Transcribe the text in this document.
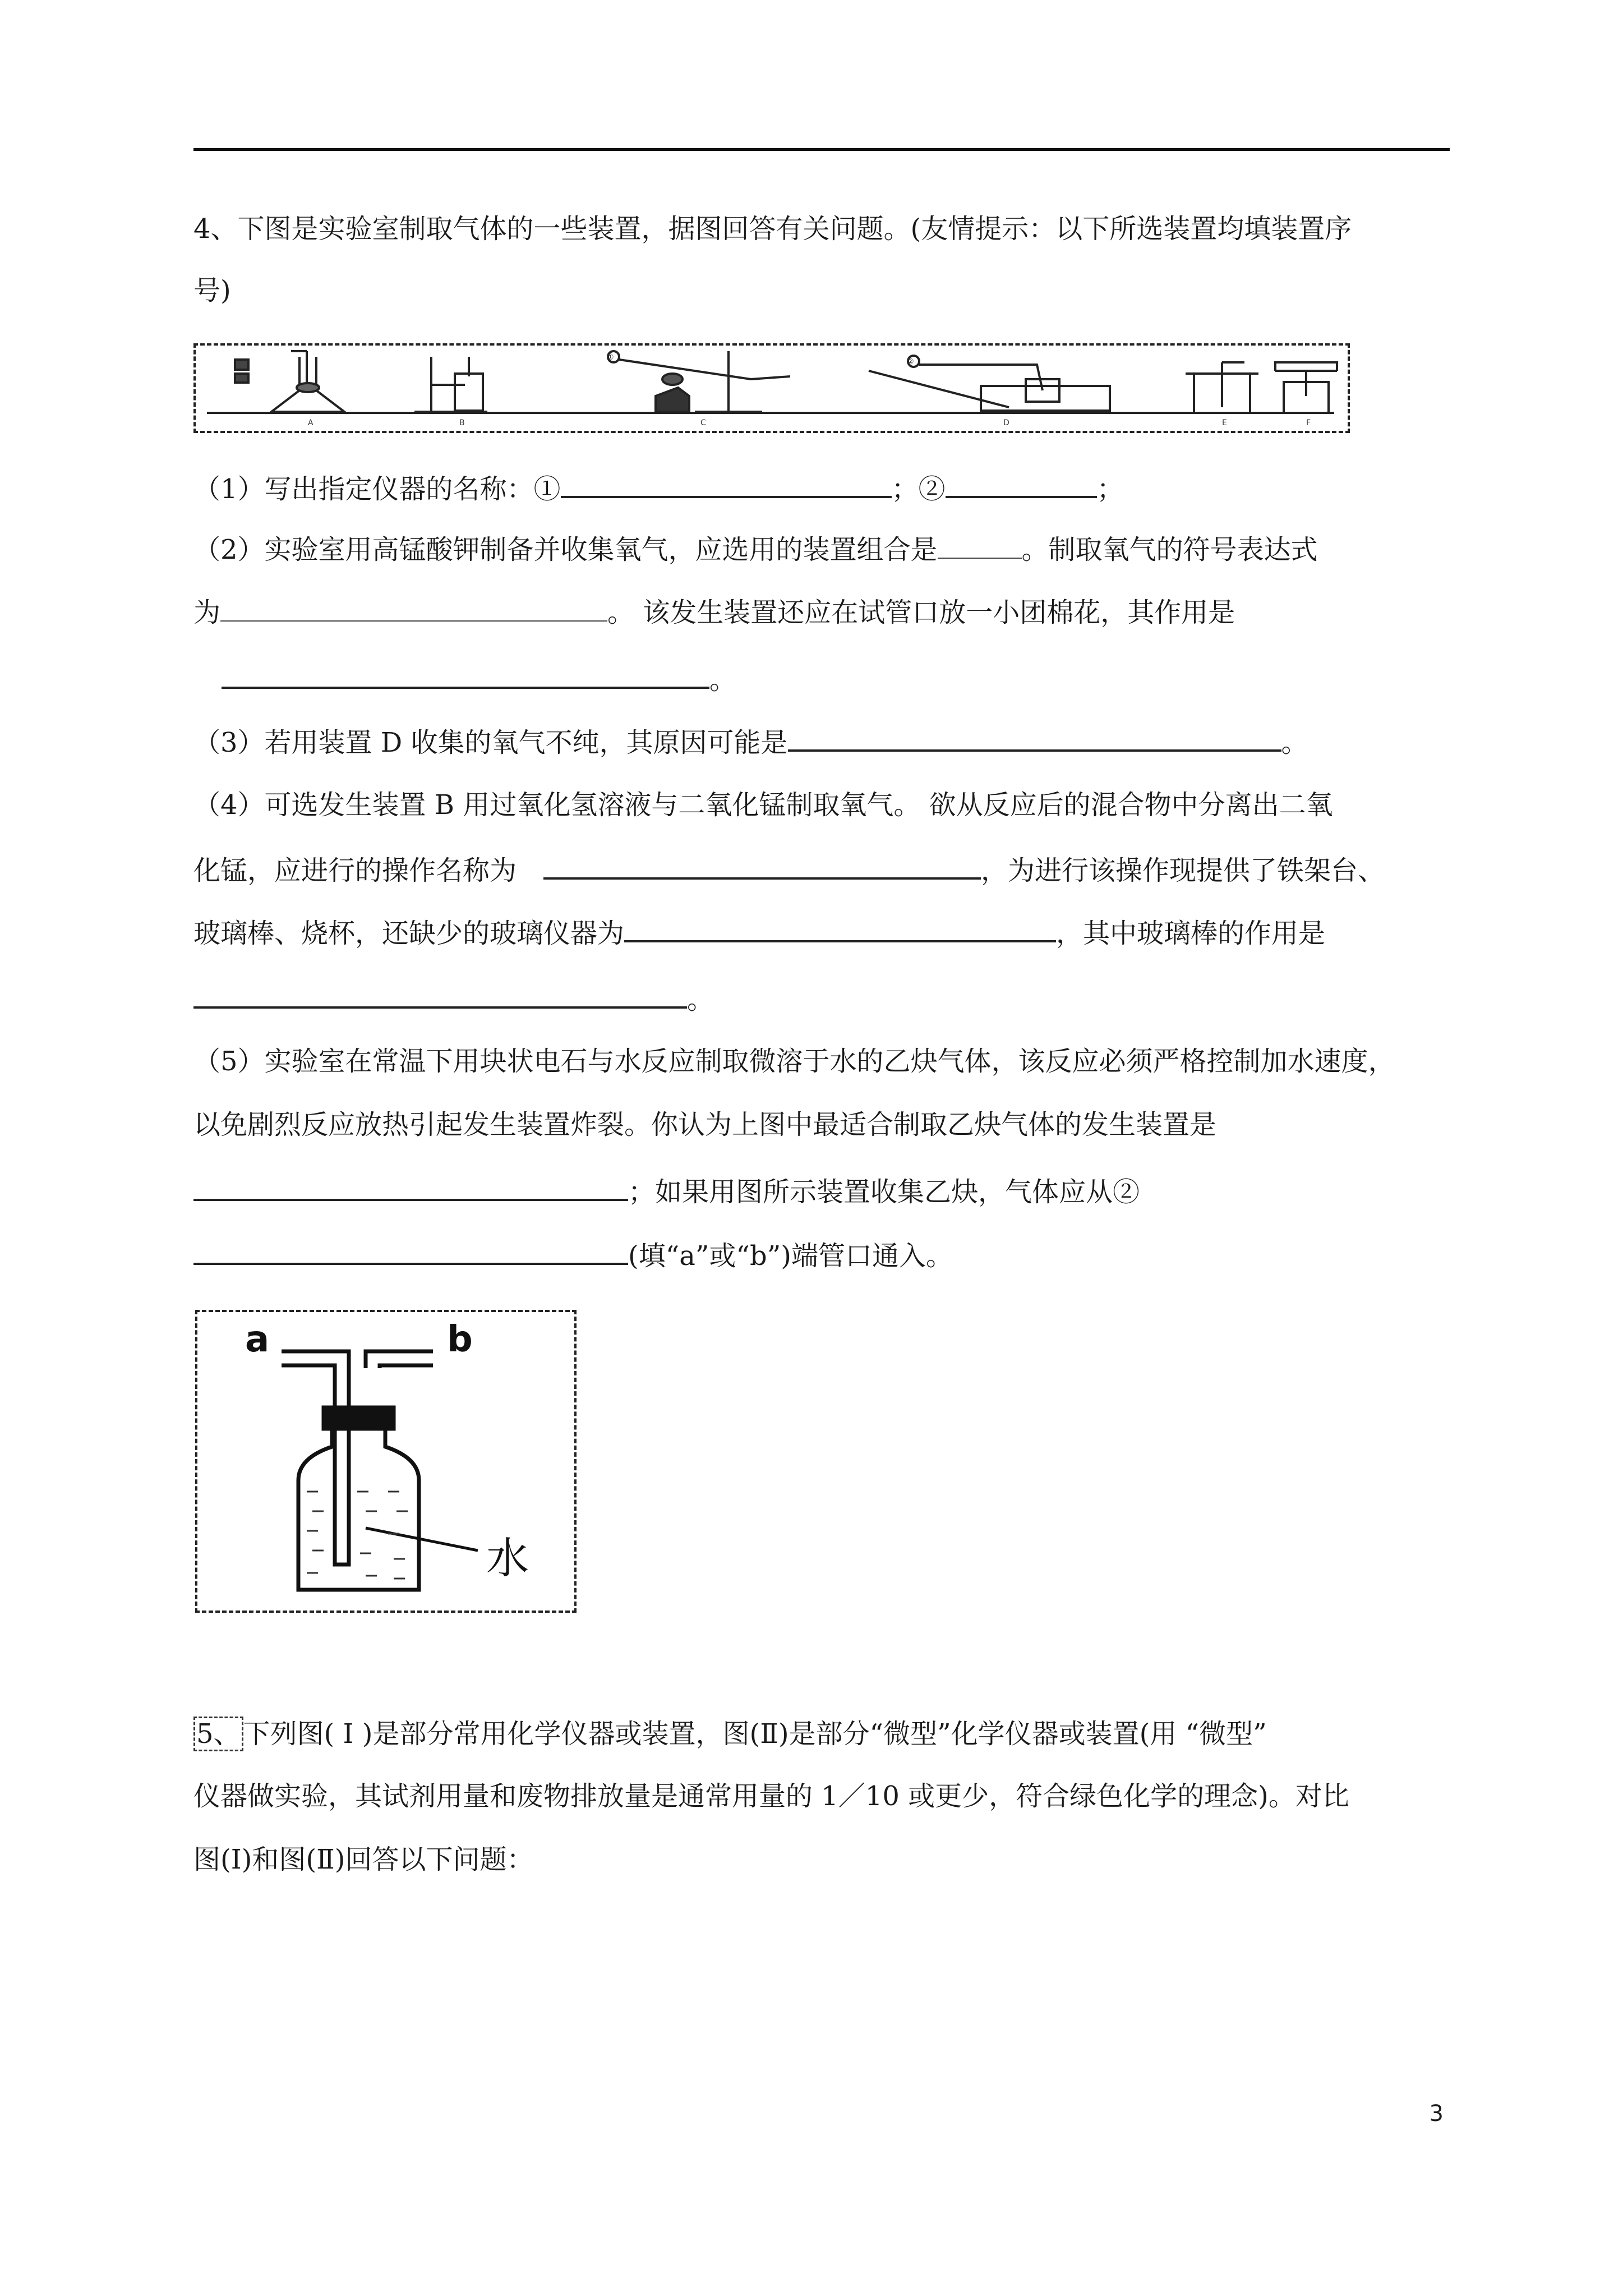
4、下图是实验室制取气体的一些装置，据图回答有关问题。(友情提示：以下所选装置均填装置序
号)
A	B	C	D	E	F
①	②
（1）写出指定仪器的名称：①	；②	；
（2）实验室用高锰酸钾制备并收集氧气，应选用的装置组合是	。制取氧气的符号表达式
为	。 该发生装置还应在试管口放一小团棉花，其作用是
。
（3）若用装置 D 收集的氧气不纯，其原因可能是	。
（4）可选发生装置 B 用过氧化氢溶液与二氧化锰制取氧气。 欲从反应后的混合物中分离出二氧
化锰，应进行的操作名称为	，为进行该操作现提供了铁架台、
玻璃棒、烧杯，还缺少的玻璃仪器为	，其中玻璃棒的作用是
。
（5）实验室在常温下用块状电石与水反应制取微溶于水的乙炔气体，该反应必须严格控制加水速度，
以免剧烈反应放热引起发生装置炸裂。你认为上图中最适合制取乙炔气体的发生装置是
；如果用图所示装置收集乙炔，气体应从②
(填“a”或“b”)端管口通入。
a	b
水
5、 下列图( Ⅰ )是部分常用化学仪器或装置，图(Ⅱ)是部分“微型”化学仪器或装置(用 “微型”
仪器做实验，其试剂用量和废物排放量是通常用量的 1／10 或更少，符合绿色化学的理念)。对比
图(Ⅰ)和图(Ⅱ)回答以下问题：
3
